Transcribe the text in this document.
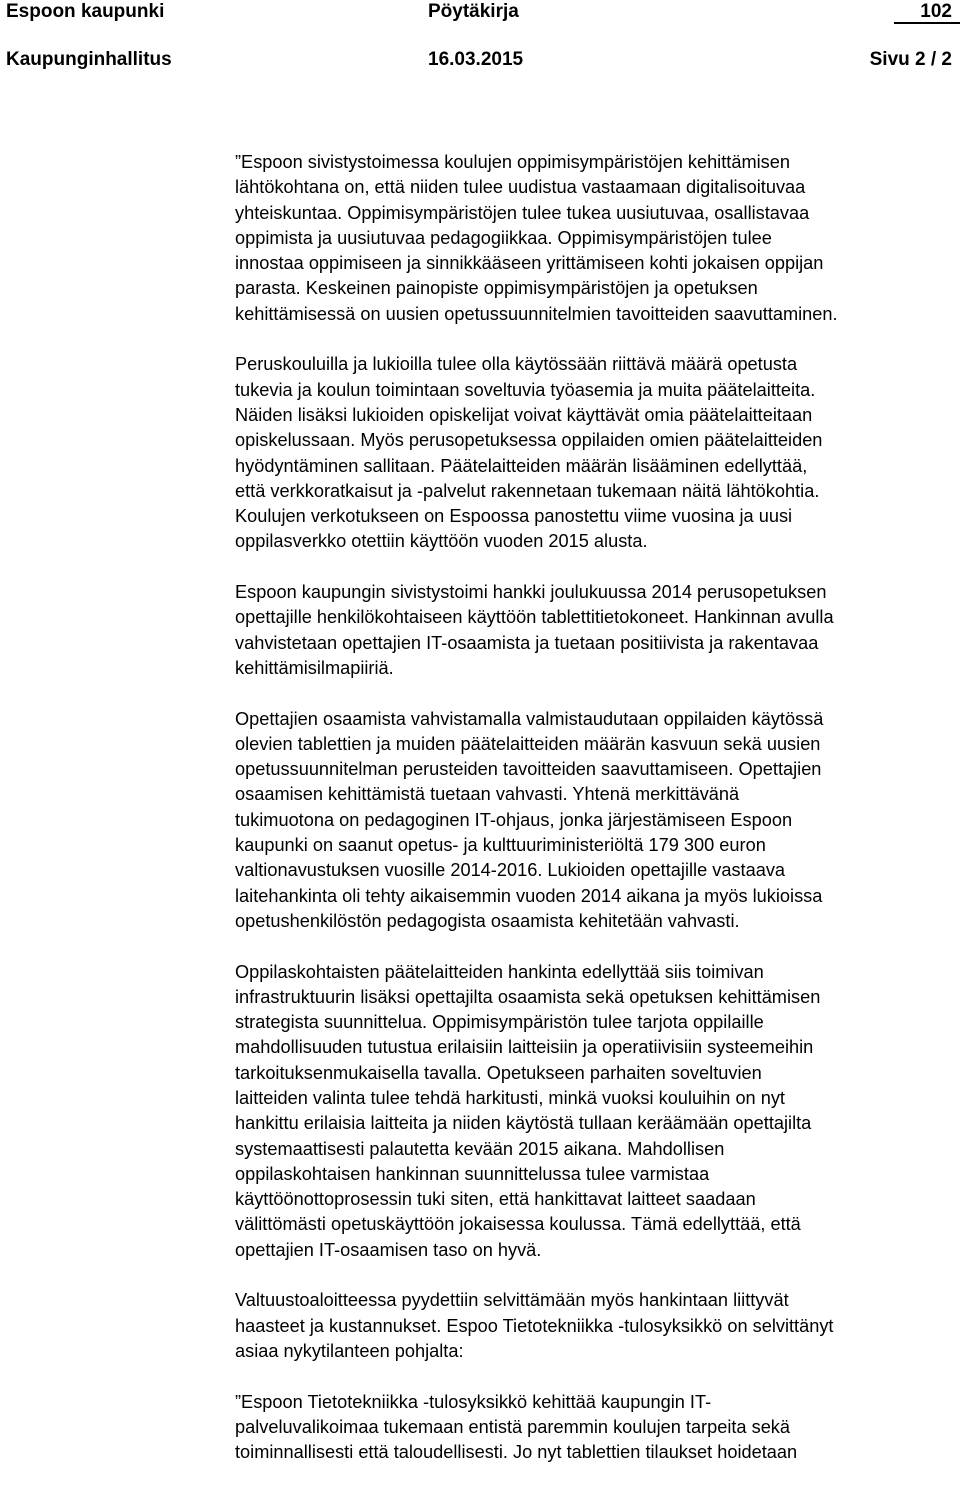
Espoon kaupunki	Pöytäkirja	102
Kaupunginhallitus	16.03.2015	Sivu 2 / 2

”Espoon sivistystoimessa koulujen oppimisympäristöjen kehittämisen
lähtökohtana on, että niiden tulee uudistua vastaamaan digitalisoituvaa
yhteiskuntaa. Oppimisympäristöjen tulee tukea uusiutuvaa, osallistavaa
oppimista ja uusiutuvaa pedagogiikkaa. Oppimisympäristöjen tulee
innostaa oppimiseen ja sinnikkääseen yrittämiseen kohti jokaisen oppijan
parasta. Keskeinen painopiste oppimisympäristöjen ja opetuksen
kehittämisessä on uusien opetussuunnitelmien tavoitteiden saavuttaminen.

Peruskouluilla ja lukioilla tulee olla käytössään riittävä määrä opetusta
tukevia ja koulun toimintaan soveltuvia työasemia ja muita päätelaitteita.
Näiden lisäksi lukioiden opiskelijat voivat käyttävät omia päätelaitteitaan
opiskelussaan. Myös perusopetuksessa oppilaiden omien päätelaitteiden
hyödyntäminen sallitaan. Päätelaitteiden määrän lisääminen edellyttää,
että verkkoratkaisut ja -palvelut rakennetaan tukemaan näitä lähtökohtia.
Koulujen verkotukseen on Espoossa panostettu viime vuosina ja uusi
oppilasverkko otettiin käyttöön vuoden 2015 alusta.

Espoon kaupungin sivistystoimi hankki joulukuussa 2014 perusopetuksen
opettajille henkilökohtaiseen käyttöön tablettitietokoneet. Hankinnan avulla
vahvistetaan opettajien IT-osaamista ja tuetaan positiivista ja rakentavaa
kehittämisilmapiiriä.

Opettajien osaamista vahvistamalla valmistaudutaan oppilaiden käytössä
olevien tablettien ja muiden päätelaitteiden määrän kasvuun sekä uusien
opetussuunnitelman perusteiden tavoitteiden saavuttamiseen. Opettajien
osaamisen kehittämistä tuetaan vahvasti. Yhtenä merkittävänä
tukimuotona on pedagoginen IT-ohjaus, jonka järjestämiseen Espoon
kaupunki on saanut opetus- ja kulttuuriministeriöltä 179 300 euron
valtionavustuksen vuosille 2014-2016. Lukioiden opettajille vastaava
laitehankinta oli tehty aikaisemmin vuoden 2014 aikana ja myös lukioissa
opetushenkilöstön pedagogista osaamista kehitetään vahvasti.

Oppilaskohtaisten päätelaitteiden hankinta edellyttää siis toimivan
infrastruktuurin lisäksi opettajilta osaamista sekä opetuksen kehittämisen
strategista suunnittelua. Oppimisympäristön tulee tarjota oppilaille
mahdollisuuden tutustua erilaisiin laitteisiin ja operatiivisiin systeemeihin
tarkoituksenmukaisella tavalla. Opetukseen parhaiten soveltuvien
laitteiden valinta tulee tehdä harkitusti, minkä vuoksi kouluihin on nyt
hankittu erilaisia laitteita ja niiden käytöstä tullaan keräämään opettajilta
systemaattisesti palautetta kevään 2015 aikana. Mahdollisen
oppilaskohtaisen hankinnan suunnittelussa tulee varmistaa
käyttöönottoprosessin tuki siten, että hankittavat laitteet saadaan
välittömästi opetuskäyttöön jokaisessa koulussa. Tämä edellyttää, että
opettajien IT-osaamisen taso on hyvä.

Valtuustoaloitteessa pyydettiin selvittämään myös hankintaan liittyvät
haasteet ja kustannukset. Espoo Tietotekniikka -tulosyksikkö on selvittänyt
asiaa nykytilanteen pohjalta:

”Espoon Tietotekniikka -tulosyksikkö kehittää kaupungin IT-
palveluvalikoimaa tukemaan entistä paremmin koulujen tarpeita sekä
toiminnallisesti että taloudellisesti. Jo nyt tablettien tilaukset hoidetaan
